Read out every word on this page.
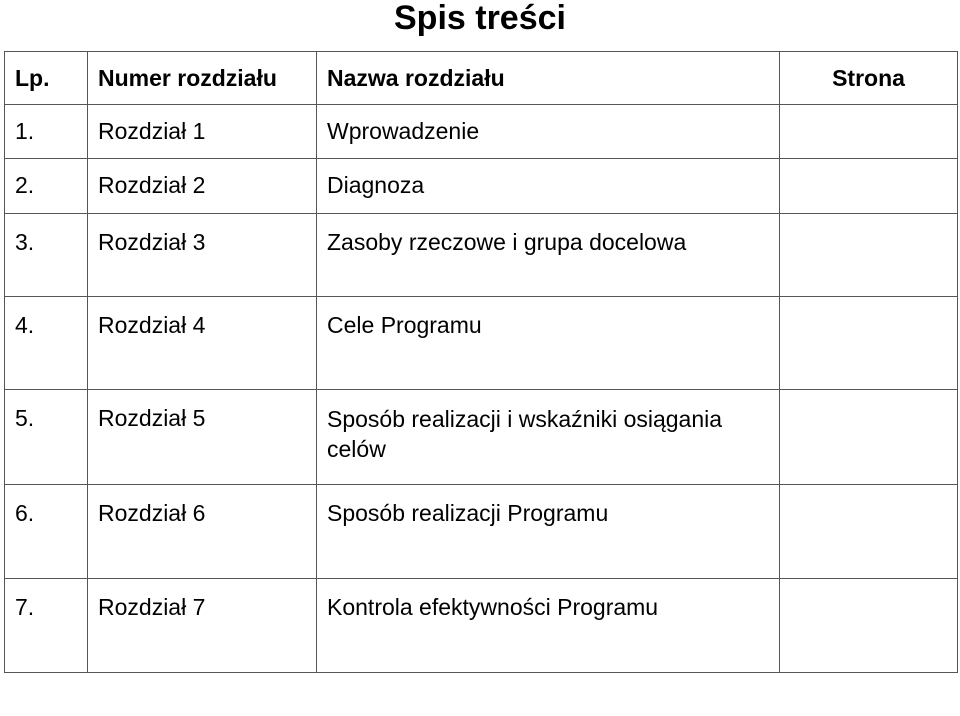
Spis treści
Lp.	Numer rozdziału	Nazwa rozdziału	Strona
1.	Rozdział 1	Wprowadzenie	
2.	Rozdział 2	Diagnoza	
3.	Rozdział 3	Zasoby rzeczowe i grupa docelowa	
4.	Rozdział 4	Cele Programu	
5.	Rozdział 5	Sposób realizacji i wskaźniki osiągania celów	
6.	Rozdział 6	Sposób realizacji Programu	
7.	Rozdział 7	Kontrola efektywności Programu	
